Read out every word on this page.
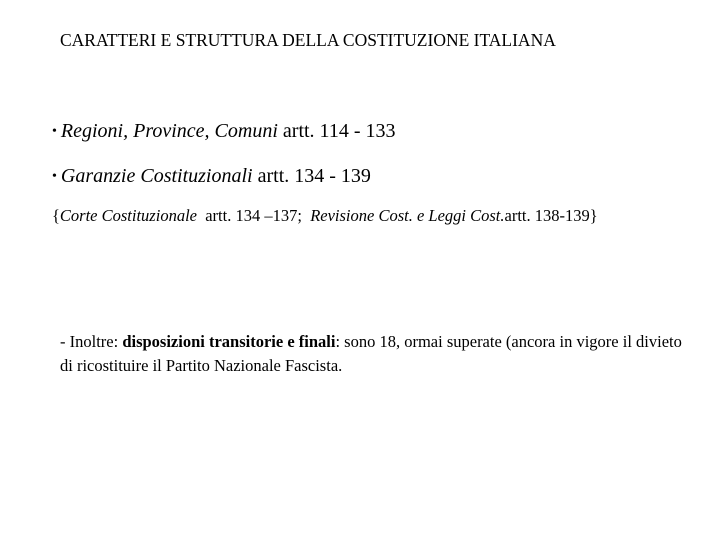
CARATTERI E STRUTTURA DELLA COSTITUZIONE ITALIANA
• Regioni, Province, Comuni artt. 114 - 133
• Garanzie Costituzionali artt. 134 - 139
{Corte Costituzionale  artt. 134 –137;  Revisione Cost. e Leggi Cost.artt. 138-139}
- Inoltre: disposizioni transitorie e finali: sono 18, ormai superate (ancora in vigore il divieto di ricostituire il Partito Nazionale Fascista.
